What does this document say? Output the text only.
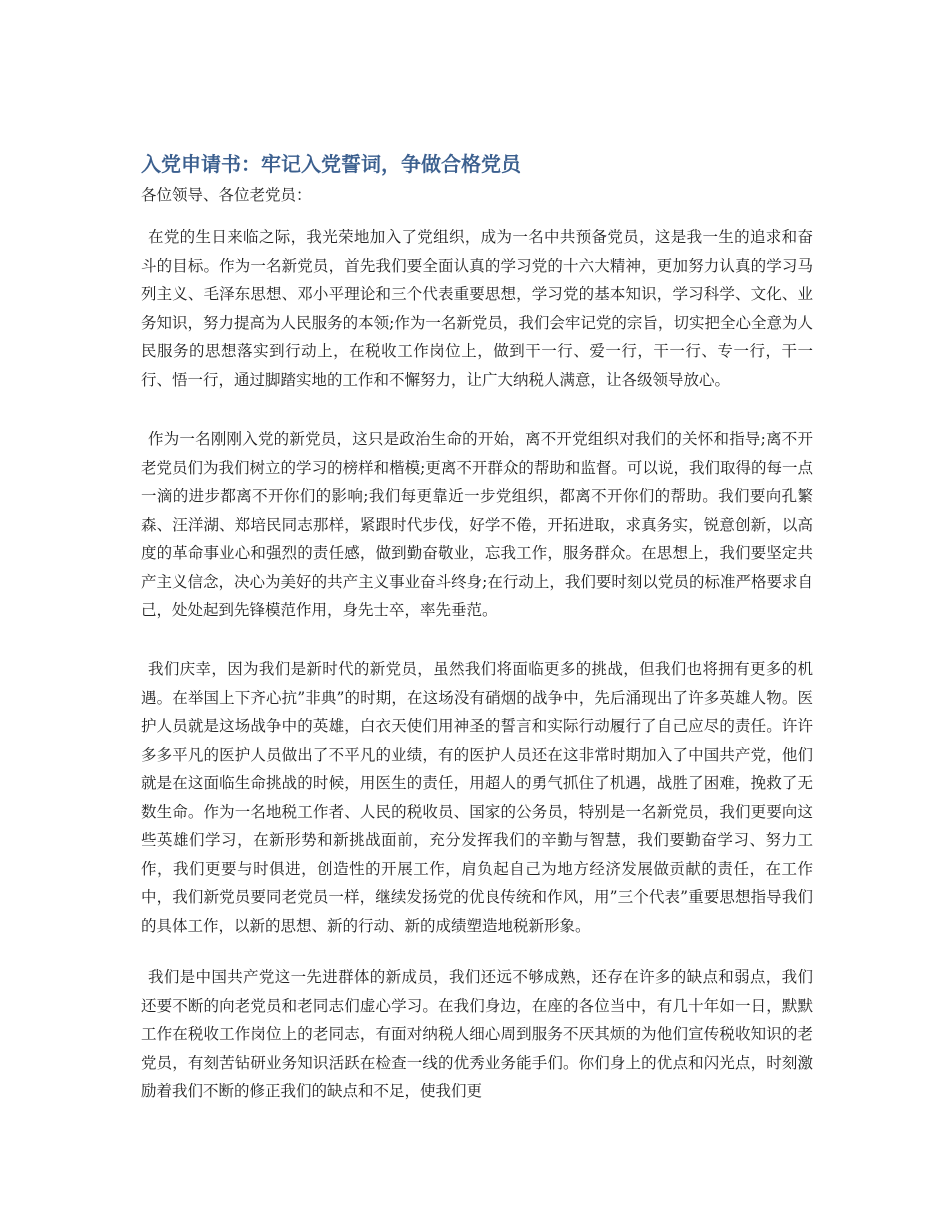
入党申请书：牢记入党誓词，争做合格党员

各位领导、各位老党员：

在党的生日来临之际，我光荣地加入了党组织，成为一名中共预备党员，这是我一生的追求和奋斗的目标。作为一名新党员，首先我们要全面认真的学习党的十六大精神，更加努力认真的学习马列主义、毛泽东思想、邓小平理论和三个代表重要思想，学习党的基本知识，学习科学、文化、业务知识，努力提高为人民服务的本领;作为一名新党员，我们会牢记党的宗旨，切实把全心全意为人民服务的思想落实到行动上，在税收工作岗位上，做到干一行、爱一行，干一行、专一行，干一行、悟一行，通过脚踏实地的工作和不懈努力，让广大纳税人满意，让各级领导放心。

作为一名刚刚入党的新党员，这只是政治生命的开始，离不开党组织对我们的关怀和指导;离不开老党员们为我们树立的学习的榜样和楷模;更离不开群众的帮助和监督。可以说，我们取得的每一点一滴的进步都离不开你们的影响;我们每更靠近一步党组织，都离不开你们的帮助。我们要向孔繁森、汪洋湖、郑培民同志那样，紧跟时代步伐，好学不倦，开拓进取，求真务实，锐意创新，以高度的革命事业心和强烈的责任感，做到勤奋敬业，忘我工作，服务群众。在思想上，我们要坚定共产主义信念，决心为美好的共产主义事业奋斗终身;在行动上，我们要时刻以党员的标准严格要求自己，处处起到先锋模范作用，身先士卒，率先垂范。

我们庆幸，因为我们是新时代的新党员，虽然我们将面临更多的挑战，但我们也将拥有更多的机遇。在举国上下齐心抗”非典”的时期，在这场没有硝烟的战争中，先后涌现出了许多英雄人物。医护人员就是这场战争中的英雄，白衣天使们用神圣的誓言和实际行动履行了自己应尽的责任。许许多多平凡的医护人员做出了不平凡的业绩，有的医护人员还在这非常时期加入了中国共产党，他们就是在这面临生命挑战的时候，用医生的责任，用超人的勇气抓住了机遇，战胜了困难，挽救了无数生命。作为一名地税工作者、人民的税收员、国家的公务员，特别是一名新党员，我们更要向这些英雄们学习，在新形势和新挑战面前，充分发挥我们的辛勤与智慧，我们要勤奋学习、努力工作，我们更要与时俱进，创造性的开展工作，肩负起自己为地方经济发展做贡献的责任，在工作中，我们新党员要同老党员一样，继续发扬党的优良传统和作风，用”三个代表”重要思想指导我们的具体工作，以新的思想、新的行动、新的成绩塑造地税新形象。

我们是中国共产党这一先进群体的新成员，我们还远不够成熟，还存在许多的缺点和弱点，我们还要不断的向老党员和老同志们虚心学习。在我们身边，在座的各位当中，有几十年如一日，默默工作在税收工作岗位上的老同志，有面对纳税人细心周到服务不厌其烦的为他们宣传税收知识的老党员，有刻苦钻研业务知识活跃在检查一线的优秀业务能手们。你们身上的优点和闪光点，时刻激励着我们不断的修正我们的缺点和不足，使我们更
